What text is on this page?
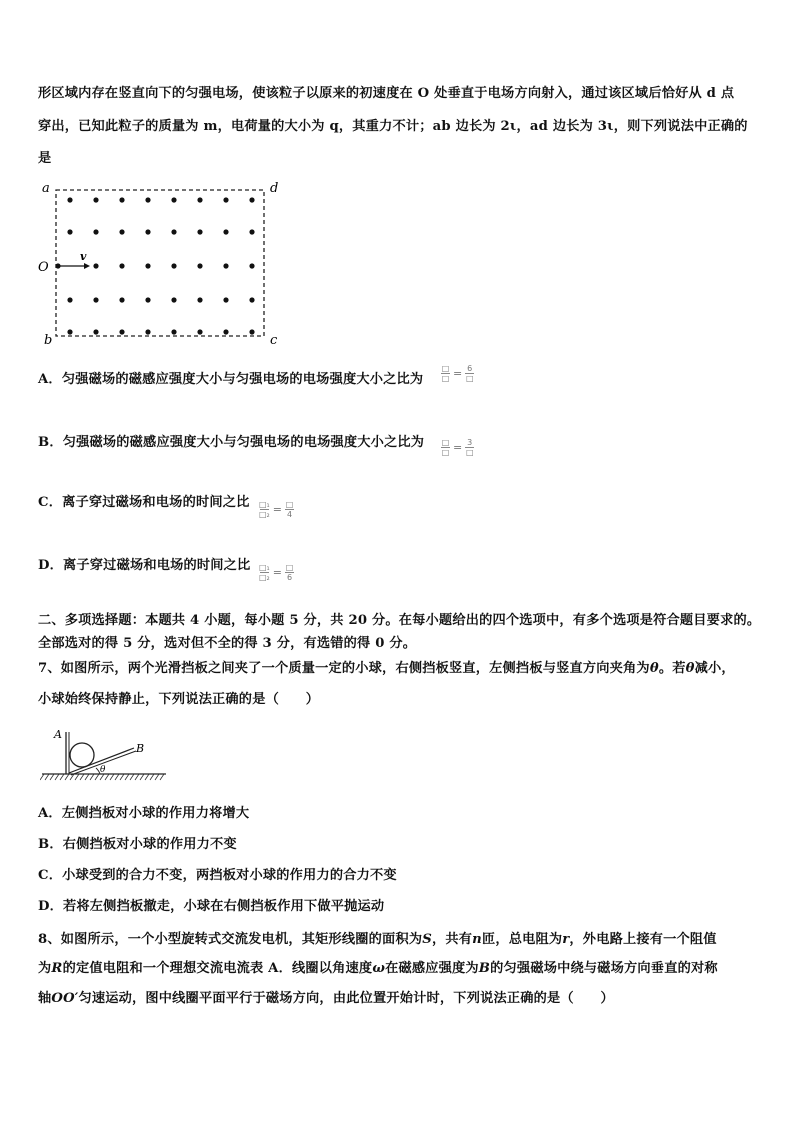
形区域内存在竖直向下的匀强电场，使该粒子以原来的初速度在 O 处垂直于电场方向射入，通过该区域后恰好从 d 点
穿出，已知此粒子的质量为 m，电荷量的大小为 q，其重力不计；ab 边长为 2ι，ad 边长为 3ι，则下列说法中正确的
是
a	d
b	c
O
v
A．匀强磁场的磁感应强度大小与匀强电场的电场强度大小之比为
□
□ = 6
□
B．匀强磁场的磁感应强度大小与匀强电场的电场强度大小之比为 □
□ = 3
□
C．离子穿过磁场和电场的时间之比 □₁
□₂ = □
4
D．离子穿过磁场和电场的时间之比 □₁
□₂ = □
6
二、多项选择题：本题共 4 小题，每小题 5 分，共 20 分。在每小题给出的四个选项中，有多个选项是符合题目要求的。
全部选对的得 5 分，选对但不全的得 3 分，有选错的得 0 分。
7、如图所示，两个光滑挡板之间夹了一个质量一定的小球，右侧挡板竖直，左侧挡板与竖直方向夹角为θ。若θ减小，
小球始终保持静止，下列说法正确的是（　　）
A
B
θ
A．左侧挡板对小球的作用力将增大
B．右侧挡板对小球的作用力不变
C．小球受到的合力不变，两挡板对小球的作用力的合力不变
D．若将左侧挡板撤走，小球在右侧挡板作用下做平抛运动
8、如图所示，一个小型旋转式交流发电机，其矩形线圈的面积为S，共有n匝，总电阻为r，外电路上接有一个阻值
为R的定值电阻和一个理想交流电流表 A．线圈以角速度ω在磁感应强度为B的匀强磁场中绕与磁场方向垂直的对称
轴OO′匀速运动，图中线圈平面平行于磁场方向，由此位置开始计时，下列说法正确的是（　　）
